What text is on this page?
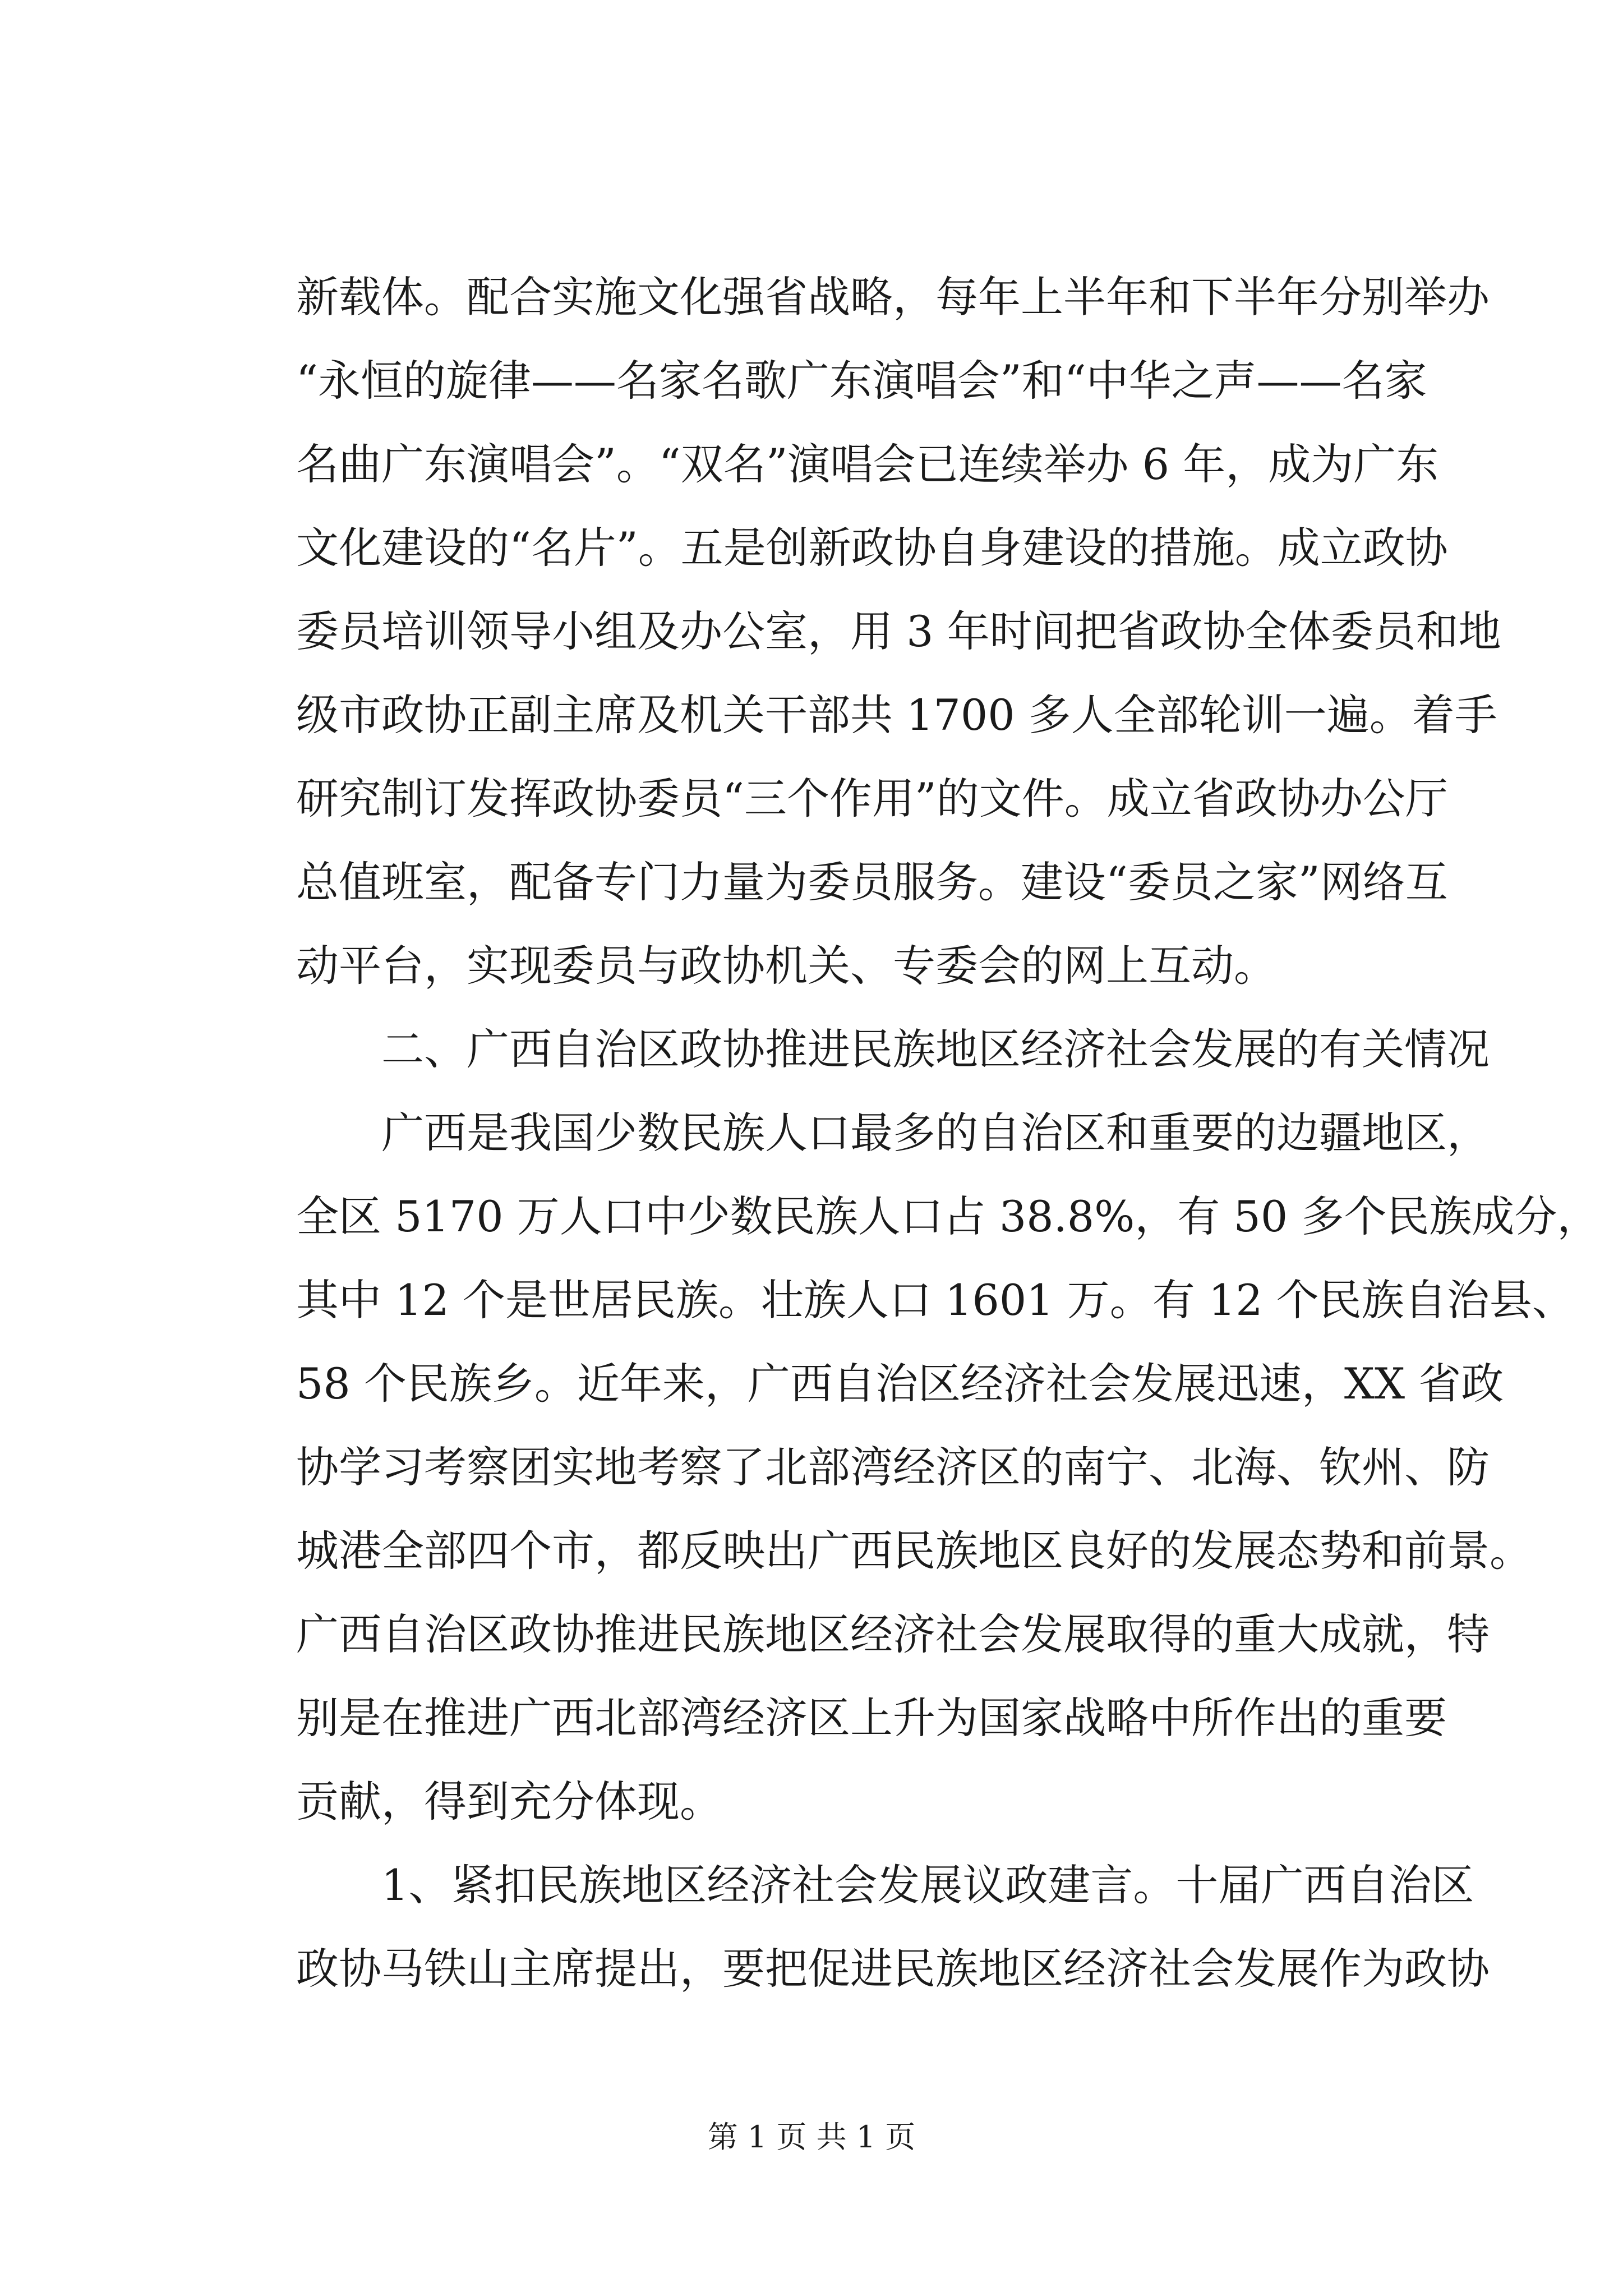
新载体。配合实施文化强省战略，每年上半年和下半年分别举办
“永恒的旋律——名家名歌广东演唱会”和“中华之声——名家
名曲广东演唱会”。“双名”演唱会已连续举办 6 年，成为广东
文化建设的“名片”。五是创新政协自身建设的措施。成立政协
委员培训领导小组及办公室，用 3 年时间把省政协全体委员和地
级市政协正副主席及机关干部共 1700 多人全部轮训一遍。着手
研究制订发挥政协委员“三个作用”的文件。成立省政协办公厅
总值班室，配备专门力量为委员服务。建设“委员之家”网络互
动平台，实现委员与政协机关、专委会的网上互动。
　　二、广西自治区政协推进民族地区经济社会发展的有关情况
　　广西是我国少数民族人口最多的自治区和重要的边疆地区，
全区 5170 万人口中少数民族人口占 38.8%，有 50 多个民族成分，
其中 12 个是世居民族。壮族人口 1601 万。有 12 个民族自治县、
58 个民族乡。近年来，广西自治区经济社会发展迅速，XX 省政
协学习考察团实地考察了北部湾经济区的南宁、北海、钦州、防
城港全部四个市，都反映出广西民族地区良好的发展态势和前景。
广西自治区政协推进民族地区经济社会发展取得的重大成就，特
别是在推进广西北部湾经济区上升为国家战略中所作出的重要
贡献，得到充分体现。
　　1、紧扣民族地区经济社会发展议政建言。十届广西自治区
政协马铁山主席提出，要把促进民族地区经济社会发展作为政协
第 1 页 共 1 页
